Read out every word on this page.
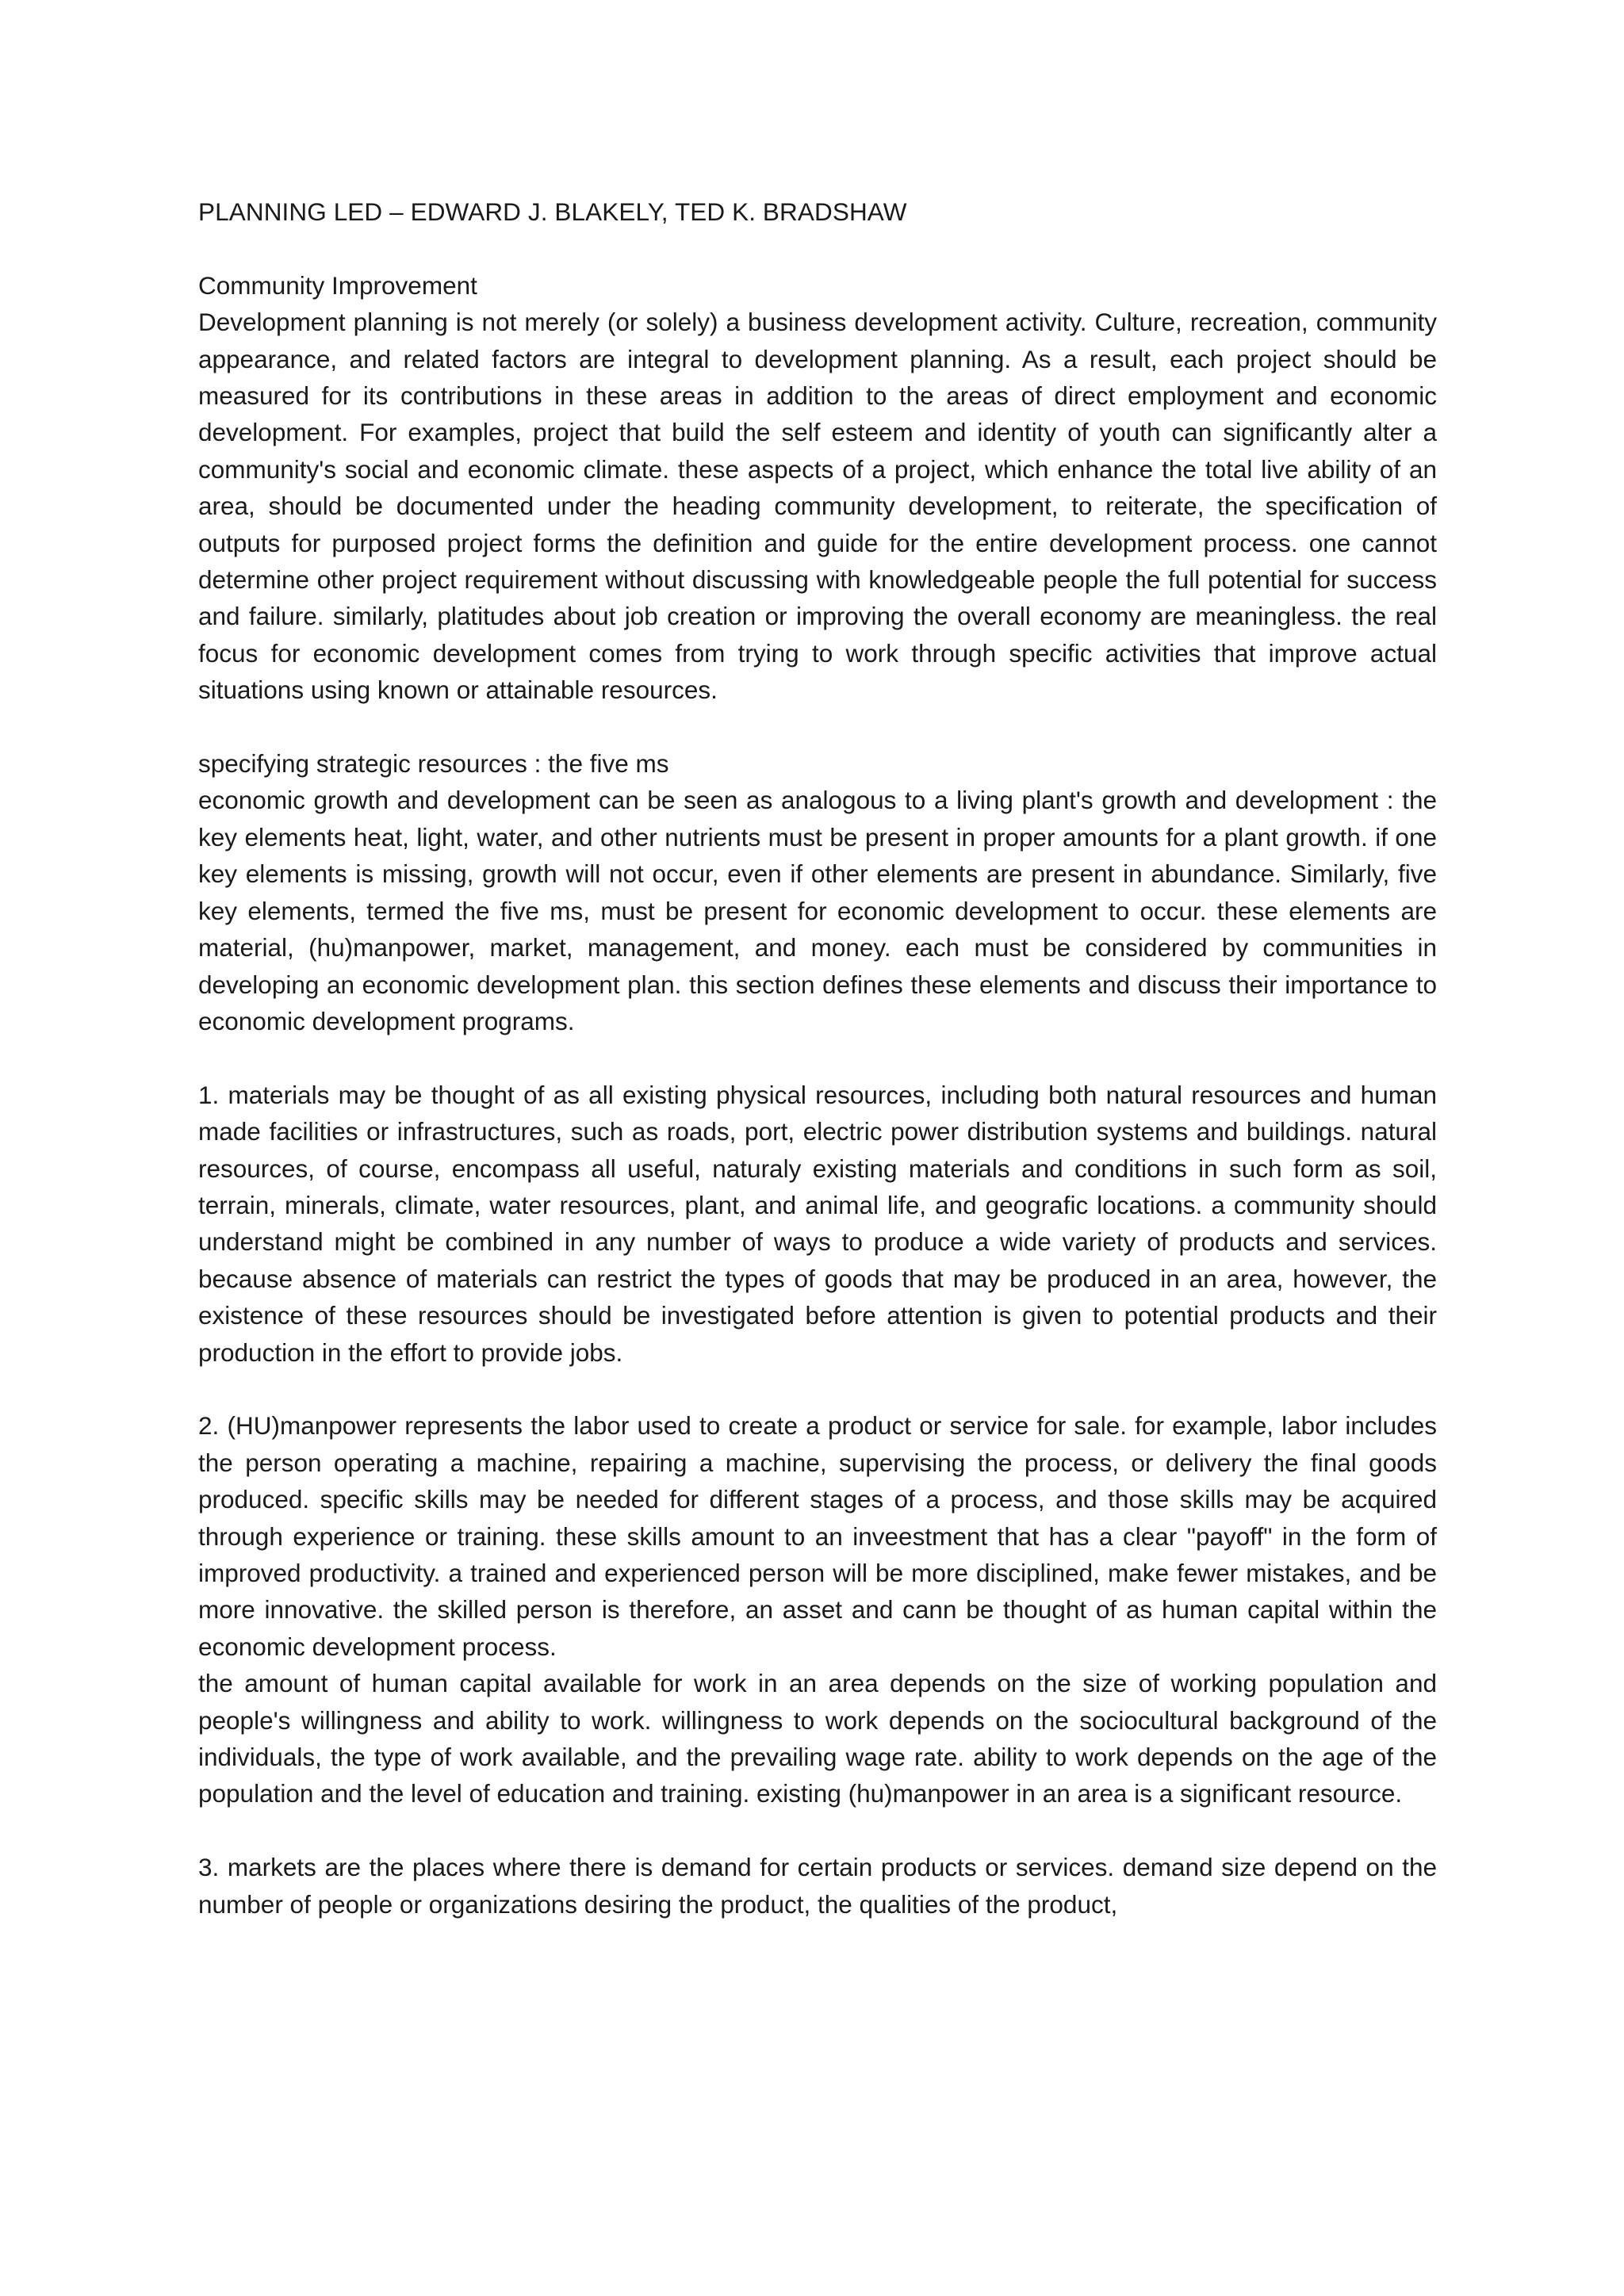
PLANNING LED – EDWARD J. BLAKELY, TED K. BRADSHAW

Community Improvement

Development planning is not merely (or solely) a business development activity. Culture, recreation, community appearance, and related factors are integral to development planning. As a result, each project should be measured for its contributions in these areas in addition to the areas of direct employment and economic development. For examples, project that build the self esteem and identity of youth can significantly alter a community's social and economic climate. these aspects of a project, which enhance the total live ability of an area, should be documented under the heading community development, to reiterate, the specification of outputs for purposed project forms the definition and guide for the entire development process. one cannot determine other project requirement without discussing with knowledgeable people the full potential for success and failure. similarly, platitudes about job creation or improving the overall economy are meaningless. the real focus for economic development comes from trying to work through specific activities that improve actual situations using known or attainable resources.

specifying strategic resources : the five ms

economic growth and development can be seen as analogous to a living plant's growth and development : the key elements heat, light, water, and other nutrients must be present in proper amounts for a plant growth. if one key elements is missing, growth will not occur, even if other elements are present in abundance. Similarly, five key elements, termed the five ms, must be present for economic development to occur. these elements are material, (hu)manpower, market, management, and money. each must be considered by communities in developing an economic development plan. this section defines these elements and discuss their importance to economic development programs.

1. materials may be thought of as all existing physical resources, including both natural resources and human made facilities or infrastructures, such as roads, port, electric power distribution systems and buildings. natural resources, of course, encompass all useful, naturaly existing materials and conditions in such form as soil, terrain, minerals, climate, water resources, plant, and animal life, and geografic locations. a community should understand might be combined in any number of ways to produce a wide variety of products and services. because absence of materials can restrict the types of goods that may be produced in an area, however, the existence of these resources should be investigated before attention is given to potential products and their production in the effort to provide jobs.

2. (HU)manpower represents the labor used to create a product or service for sale. for example, labor includes the person operating a machine, repairing a machine, supervising the process, or delivery the final goods produced. specific skills may be needed for different stages of a process, and those skills may be acquired through experience or training. these skills amount to an inveestment that has a clear "payoff" in the form of improved productivity. a trained and experienced person will be more disciplined, make fewer mistakes, and be more innovative. the skilled person is therefore, an asset and cann be thought of as human capital within the economic development process.

the amount of human capital available for work in an area depends on the size of working population and people's willingness and ability to work. willingness to work depends on the sociocultural background of the individuals, the type of work available, and the prevailing wage rate. ability to work depends on the age of the population and the level of education and training. existing (hu)manpower in an area is a significant resource.

3. markets are the places where there is demand for certain products or services. demand size depend on the number of people or organizations desiring the product, the qualities of the product,
